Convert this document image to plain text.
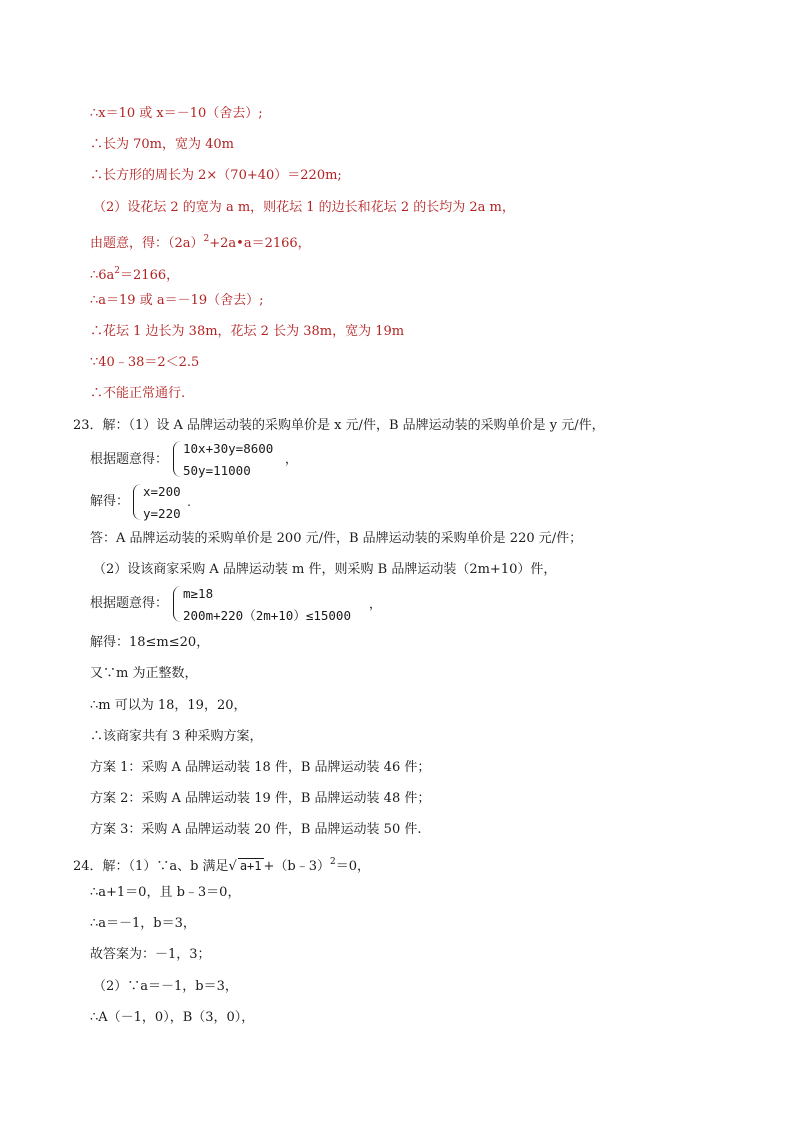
∴x＝10 或 x＝－10（舍去）;
∴长为 70m，宽为 40m
∴长方形的周长为 2×（70+40）＝220m;
（2）设花坛 2 的宽为 a m，则花坛 1 的边长和花坛 2 的长均为 2a m，
由题意，得：$(2a)^2+2a•a=2166$，
$\therefore 6a^2=2166$，
∴a＝19 或 a＝－19（舍去）;
∴花坛 1 边长为 38m，花坛 2 长为 38m，宽为 19m
∵40﹣38＝2＜2.5
∴不能正常通行.
23．解：（1）设 A 品牌运动装的采购单价是 x 元/件，B 品牌运动装的采购单价是 y 元/件，
根据题意得：
10x+30y=8600
50y=11000
，
解得：
x=200
y=220
.
答：A 品牌运动装的采购单价是 200 元/件，B 品牌运动装的采购单价是 220 元/件；
（2）设该商家采购 A 品牌运动装 m 件，则采购 B 品牌运动装（2m+10）件，
根据题意得：
m≥18
200m+220（2m+10）≤15000
，
解得：18≤m≤20，
又∵m 为正整数，
∴m 可以为 18，19，20，
∴该商家共有 3 种采购方案，
方案 1：采购 A 品牌运动装 18 件，B 品牌运动装 46 件；
方案 2：采购 A 品牌运动装 19 件，B 品牌运动装 48 件；
方案 3：采购 A 品牌运动装 20 件，B 品牌运动装 50 件.
24．解：（1）∵a、b 满足√ a+1 +（b﹣3）$^2$＝0，
∴a+1＝0，且 b﹣3＝0，
∴a＝－1，b＝3，
故答案为：－1，3；
（2）∵a＝－1，b＝3，
∴A（－1，0），B（3，0），
